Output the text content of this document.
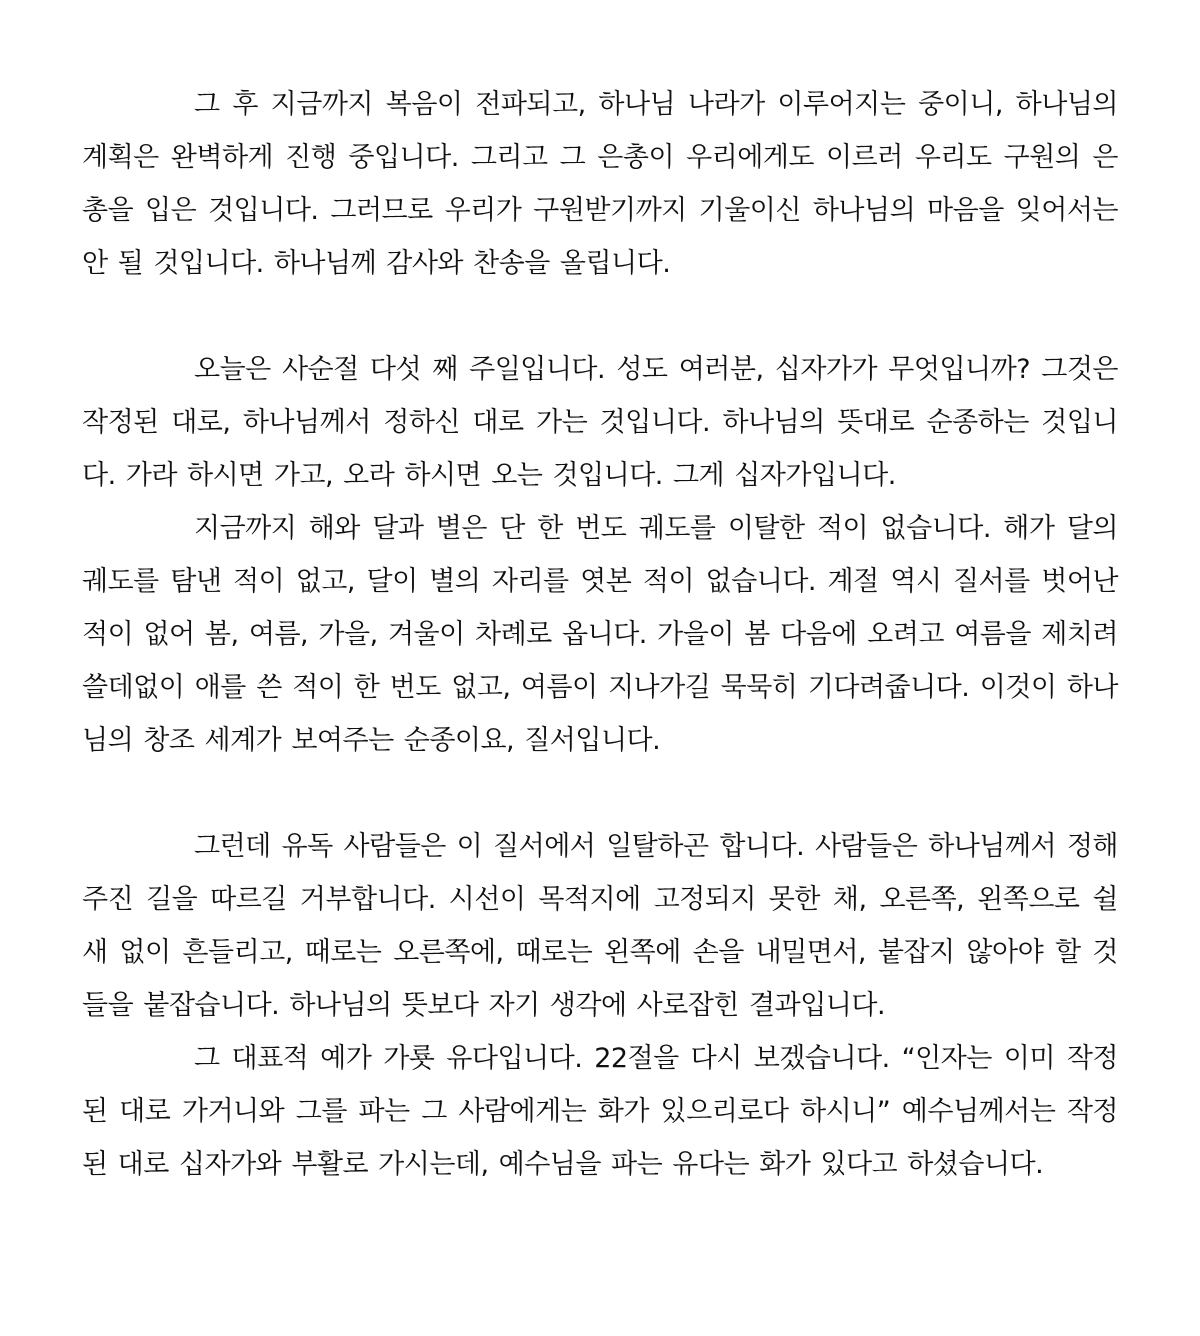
그 후 지금까지 복음이 전파되고, 하나님 나라가 이루어지는 중이니, 하나님의 계획은 완벽하게 진행 중입니다. 그리고 그 은총이 우리에게도 이르러 우리도 구원의 은총을 입은 것입니다. 그러므로 우리가 구원받기까지 기울이신 하나님의 마음을 잊어서는 안 될 것입니다. 하나님께 감사와 찬송을 올립니다.

오늘은 사순절 다섯 째 주일입니다. 성도 여러분, 십자가가 무엇입니까? 그것은 작정된 대로, 하나님께서 정하신 대로 가는 것입니다. 하나님의 뜻대로 순종하는 것입니다. 가라 하시면 가고, 오라 하시면 오는 것입니다. 그게 십자가입니다.

지금까지 해와 달과 별은 단 한 번도 궤도를 이탈한 적이 없습니다. 해가 달의 궤도를 탐낸 적이 없고, 달이 별의 자리를 엿본 적이 없습니다. 계절 역시 질서를 벗어난 적이 없어 봄, 여름, 가을, 겨울이 차례로 옵니다. 가을이 봄 다음에 오려고 여름을 제치려 쓸데없이 애를 쓴 적이 한 번도 없고, 여름이 지나가길 묵묵히 기다려줍니다. 이것이 하나님의 창조 세계가 보여주는 순종이요, 질서입니다.

그런데 유독 사람들은 이 질서에서 일탈하곤 합니다. 사람들은 하나님께서 정해주진 길을 따르길 거부합니다. 시선이 목적지에 고정되지 못한 채, 오른쪽, 왼쪽으로 쉴 새 없이 흔들리고, 때로는 오른쪽에, 때로는 왼쪽에 손을 내밀면서, 붙잡지 않아야 할 것들을 붙잡습니다. 하나님의 뜻보다 자기 생각에 사로잡힌 결과입니다.

그 대표적 예가 가룟 유다입니다. 22절을 다시 보겠습니다. “인자는 이미 작정된 대로 가거니와 그를 파는 그 사람에게는 화가 있으리로다 하시니” 예수님께서는 작정된 대로 십자가와 부활로 가시는데, 예수님을 파는 유다는 화가 있다고 하셨습니다.
